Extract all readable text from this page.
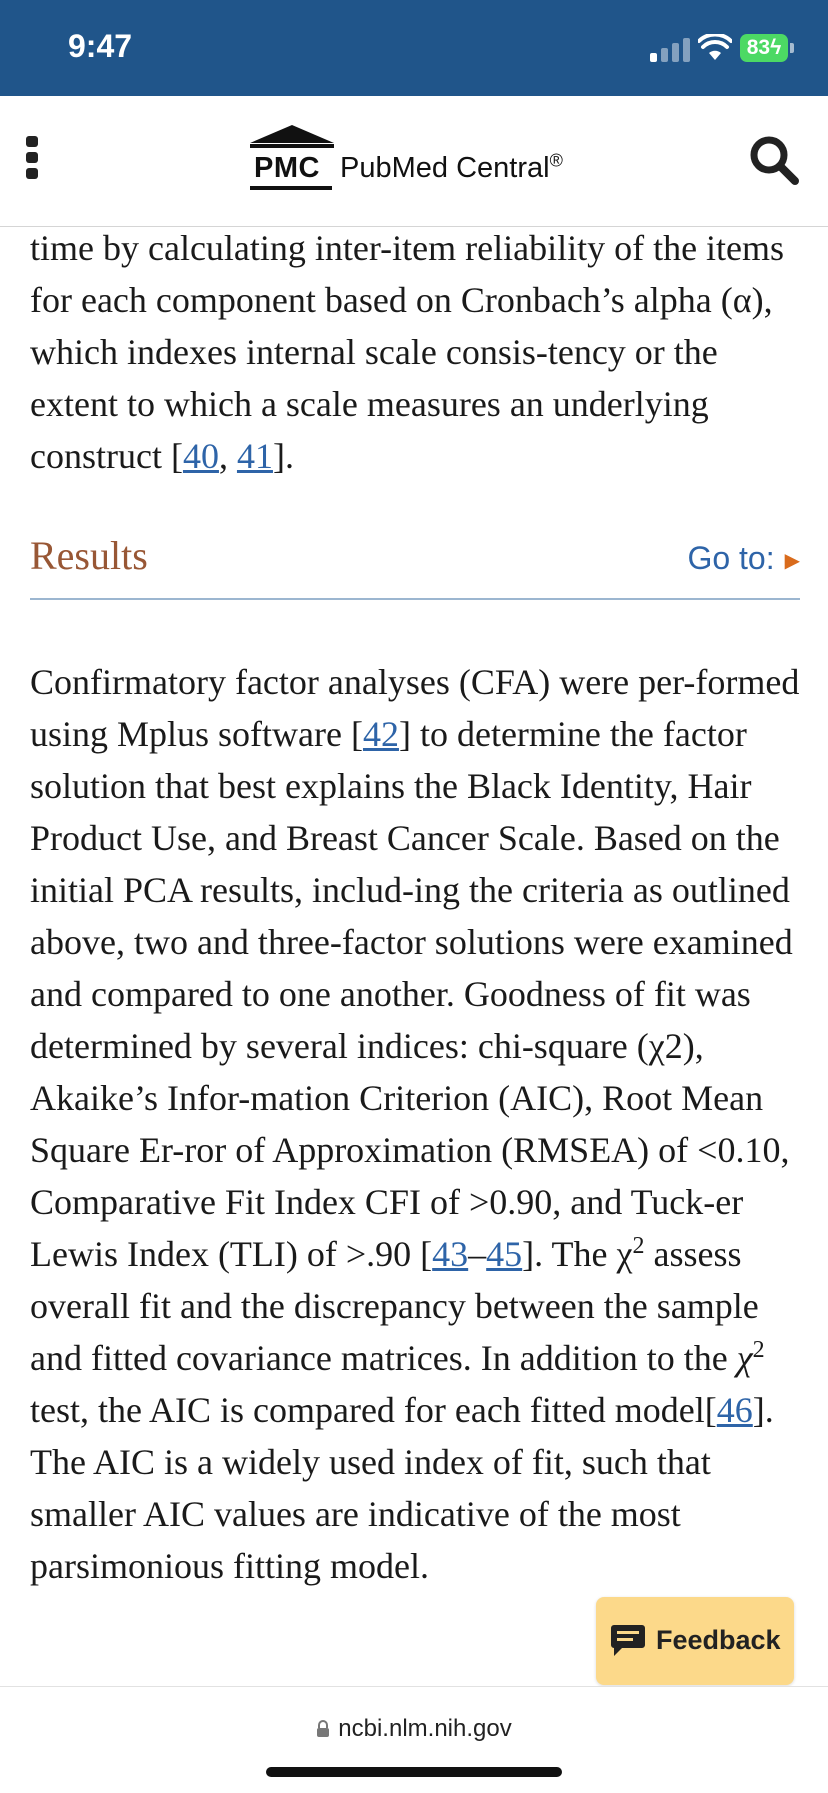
9:47	83ϟ
PMC PubMed Central®

time by calculating inter-item reliability of the items for each component based on Cronbach’s alpha (α), which indexes internal scale consis-tency or the extent to which a scale measures an underlying construct [40, 41].

Results	Go to: ▶

Confirmatory factor analyses (CFA) were per-formed using Mplus software [42] to determine the factor solution that best explains the Black Identity, Hair Product Use, and Breast Cancer Scale. Based on the initial PCA results, includ-ing the criteria as outlined above, two and three-factor solutions were examined and compared to one another. Goodness of fit was determined by several indices: chi-square (χ2), Akaike’s Infor-mation Criterion (AIC), Root Mean Square Er-ror of Approximation (RMSEA) of <0.10, Comparative Fit Index CFI of >0.90, and Tuck-er Lewis Index (TLI) of >.90 [43–45]. The $\chi^2$ assess overall fit and the discrepancy between the sample and fitted covariance matrices. In addition to the $\chi^2$ test, the AIC is compared for each fitted model[46]. The AIC is a widely used index of fit, such that smaller AIC values are indicative of the most parsimonious fitting model.

Feedback
ncbi.nlm.nih.gov
